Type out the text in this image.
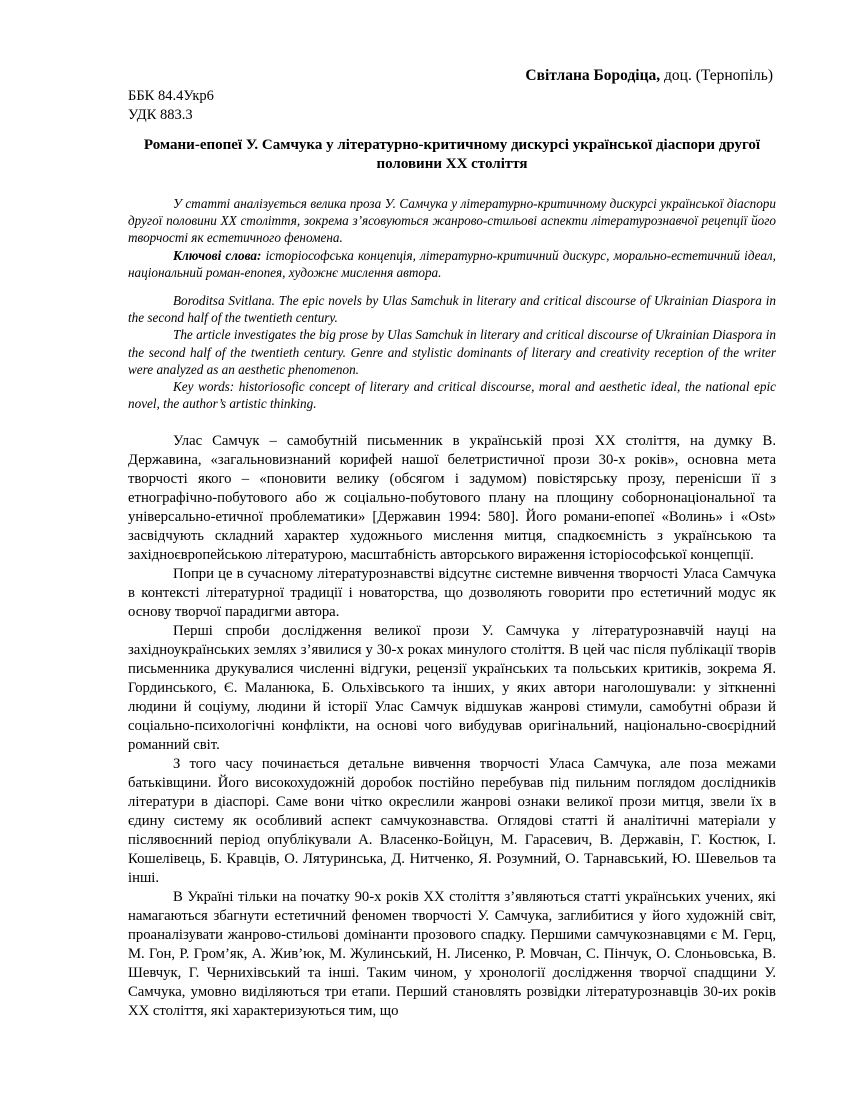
Світлана Бородіца, доц. (Тернопіль)
ББК 84.4Укр6
УДК 883.3
Романи-епопеї У. Самчука у літературно-критичному дискурсі української діаспори другої половини ХХ століття

У статті аналізується велика проза У. Самчука у літературно-критичному дискурсі української діаспори другої половини ХХ століття, зокрема з’ясовуються жанрово-стильові аспекти літературознавчої рецепції його творчості як естетичного феномена.

Ключові слова: історіософська концепція, літературно-критичний дискурс, морально-естетичний ідеал, національний роман-епопея, художнє мислення автора.

Boroditsa Svitlana. The epic novels by Ulas Samchuk in literary and critical discourse of Ukrainian Diaspora in the second half of the twentieth century.

The article investigates the big prose by Ulas Samchuk in literary and critical discourse of Ukrainian Diaspora in the second half of the twentieth century. Genre and stylistic dominants of literary and creativity reception of the writer were analyzed as an aesthetic phenomenon.

Key words: historiosofic concept of literary and critical discourse, moral and aesthetic ideal, the national epic novel, the author’s artistic thinking.

Улас Самчук – самобутній письменник в українській прозі ХХ століття, на думку В. Державина, «загальновизнаний корифей нашої белетристичної прози 30-х років», основна мета творчості якого – «поновити велику (обсягом і задумом) повістярську прозу, перенісши її з етнографічно-побутового або ж соціально-побутового плану на площину соборнонаціональної та універсально-етичної проблематики» [Державин 1994: 580]. Його романи-епопеї «Волинь» і «Ost» засвідчують складний характер художнього мислення митця, спадкоємність з українською та західноєвропейською літературою, масштабність авторського вираження історіософської концепції.

Попри це в сучасному літературознавстві відсутнє системне вивчення творчості Уласа Самчука в контексті літературної традиції і новаторства, що дозволяють говорити про естетичний модус як основу творчої парадигми автора.

Перші спроби дослідження великої прози У. Самчука у літературознавчій науці на західноукраїнських землях з’явилися у 30-х роках минулого століття. В цей час після публікації творів письменника друкувалися численні відгуки, рецензії українських та польських критиків, зокрема Я. Гординського, Є. Маланюка, Б. Ольхівського та інших, у яких автори наголошували: у зіткненні людини й соціуму, людини й історії Улас Самчук відшукав жанрові стимули, самобутні образи й соціально-психологічні конфлікти, на основі чого вибудував оригінальний, національно-своєрідний романний світ.

З того часу починається детальне вивчення творчості Уласа Самчука, але поза межами батьківщини. Його високохудожній доробок постійно перебував під пильним поглядом дослідників літератури в діаспорі. Саме вони чітко окреслили жанрові ознаки великої прози митця, звели їх в єдину систему як особливий аспект самчукознавства. Оглядові статті й аналітичні матеріали у післявоєнний період опублікували А. Власенко-Бойцун, М. Гарасевич, В. Державін, Г. Костюк, І. Кошелівець, Б. Кравців, О. Лятуринська, Д. Нитченко, Я. Розумний, О. Тарнавський, Ю. Шевельов та інші.

В Україні тільки на початку 90-х років ХХ століття з’являються статті українських учених, які намагаються збагнути естетичний феномен творчості У. Самчука, заглибитися у його художній світ, проаналізувати жанрово-стильові домінанти прозового спадку. Першими самчукознавцями є М. Герц, М. Гон, Р. Гром’як, А. Жив’юк, М. Жулинський, Н. Лисенко, Р. Мовчан, С. Пінчук, О. Слоньовська, В. Шевчук, Г. Черниxівський та інші. Таким чином, у хронології дослідження творчої спадщини У. Самчука, умовно виділяються три етапи. Перший становлять розвідки літературознавців 30-их років ХХ століття, які характеризуються тим, що
